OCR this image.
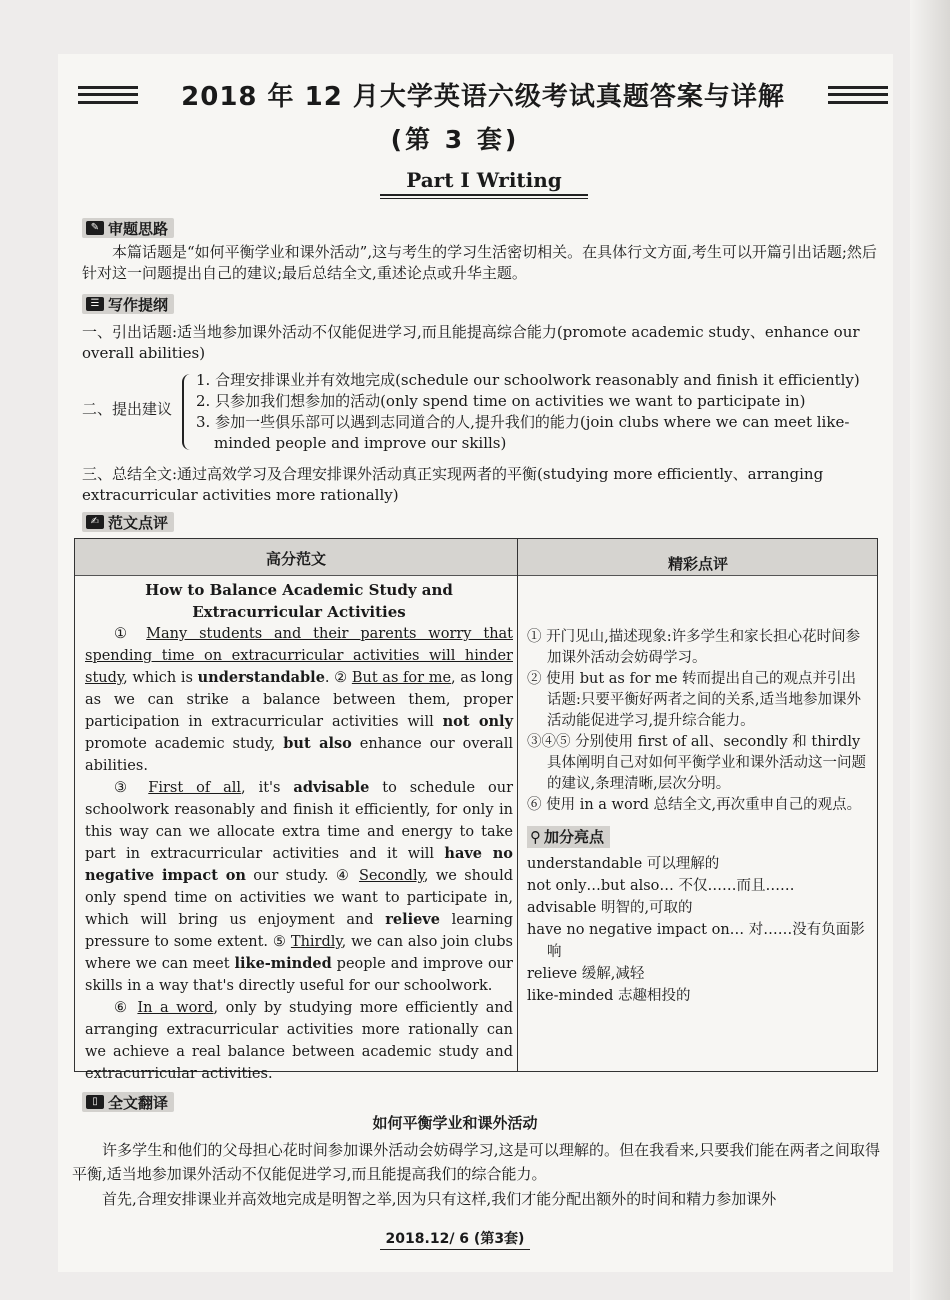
2018 年 12 月大学英语六级考试真题答案与详解
(第 3 套)
Part I Writing
✎ 审题思路
本篇话题是“如何平衡学业和课外活动”,这与考生的学习生活密切相关。在具体行文方面,考生可以开篇引出话题;然后针对这一问题提出自己的建议;最后总结全文,重述论点或升华主题。
☰ 写作提纲
一、引出话题:适当地参加课外活动不仅能促进学习,而且能提高综合能力(promote academic study、enhance our overall abilities)
二、提出建议
1. 合理安排课业并有效地完成(schedule our schoolwork reasonably and finish it efficiently)
2. 只参加我们想参加的活动(only spend time on activities we want to participate in)
3. 参加一些俱乐部可以遇到志同道合的人,提升我们的能力(join clubs where we can meet like-minded people and improve our skills)
三、总结全文:通过高效学习及合理安排课外活动真正实现两者的平衡(studying more efficiently、arranging extracurricular activities more rationally)
✍ 范文点评
高分范文	精彩点评
How to Balance Academic Study and
Extracurricular Activities

① Many students and their parents worry that spending time on extracurricular activities will hinder study, which is understandable. ② But as for me, as long as we can strike a balance between them, proper participation in extracurricular activities will not only promote academic study, but also enhance our overall abilities.

③ First of all, it's advisable to schedule our schoolwork reasonably and finish it efficiently, for only in this way can we allocate extra time and energy to take part in extracurricular activities and it will have no negative impact on our study. ④ Secondly, we should only spend time on activities we want to participate in, which will bring us enjoyment and relieve learning pressure to some extent. ⑤ Thirdly, we can also join clubs where we can meet like-minded people and improve our skills in a way that's directly useful for our schoolwork.

⑥ In a word, only by studying more efficiently and arranging extracurricular activities more rationally can we achieve a real balance between academic study and extracurricular activities.

① 开门见山,描述现象:许多学生和家长担心花时间参加课外活动会妨碍学习。
② 使用 but as for me 转而提出自己的观点并引出话题:只要平衡好两者之间的关系,适当地参加课外活动能促进学习,提升综合能力。
③④⑤ 分别使用 first of all、secondly 和 thirdly 具体阐明自己对如何平衡学业和课外活动这一问题的建议,条理清晰,层次分明。
⑥ 使用 in a word 总结全文,再次重申自己的观点。
⚲ 加分亮点
understandable 可以理解的
not only…but also… 不仅……而且……
advisable 明智的,可取的
have no negative impact on… 对……没有负面影响
relieve 缓解,减轻
like-minded 志趣相投的
▯ 全文翻译
如何平衡学业和课外活动
许多学生和他们的父母担心花时间参加课外活动会妨碍学习,这是可以理解的。但在我看来,只要我们能在两者之间取得平衡,适当地参加课外活动不仅能促进学习,而且能提高我们的综合能力。
首先,合理安排课业并高效地完成是明智之举,因为只有这样,我们才能分配出额外的时间和精力参加课外
2018.12/ 6 (第3套)
